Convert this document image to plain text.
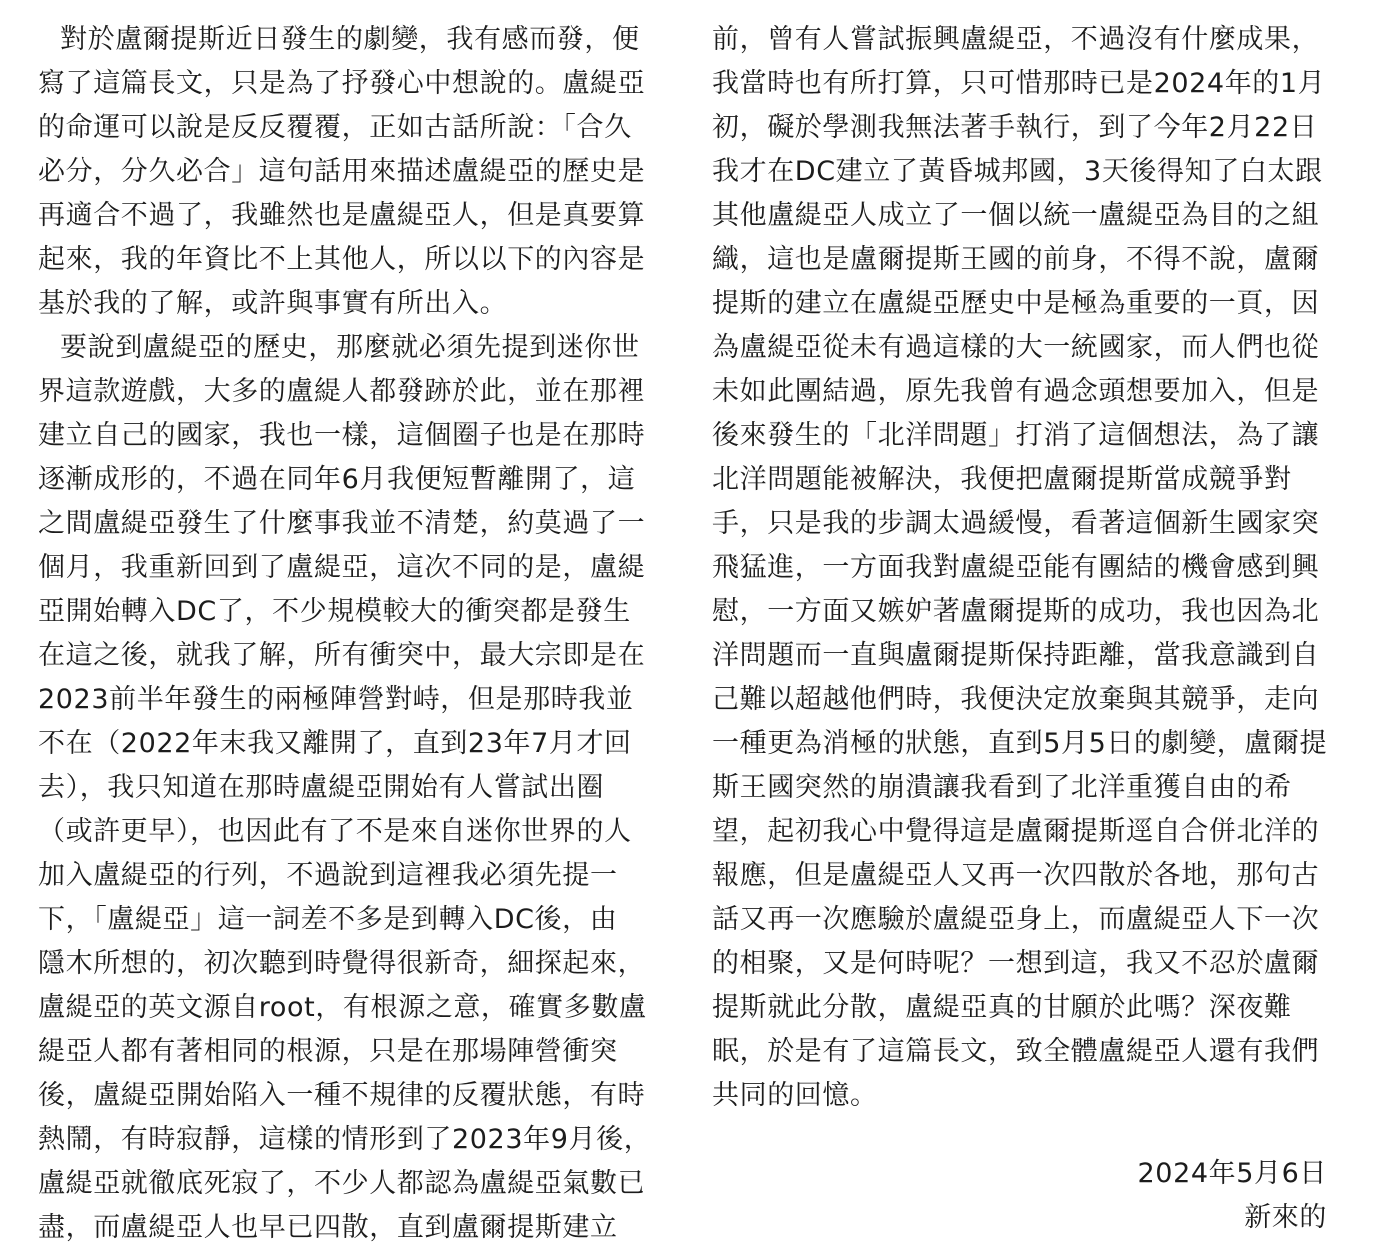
對於盧爾提斯近日發生的劇變，我有感而發，便
寫了這篇長文，只是為了抒發心中想說的。盧緹亞
的命運可以說是反反覆覆，正如古話所說：「合久
必分，分久必合」這句話用來描述盧緹亞的歷史是
再適合不過了，我雖然也是盧緹亞人，但是真要算
起來，我的年資比不上其他人，所以以下的內容是
基於我的了解，或許與事實有所出入。
要說到盧緹亞的歷史，那麼就必須先提到迷你世
界這款遊戲，大多的盧緹人都發跡於此，並在那裡
建立自己的國家，我也一樣，這個圈子也是在那時
逐漸成形的，不過在同年6月我便短暫離開了，這
之間盧緹亞發生了什麼事我並不清楚，約莫過了一
個月，我重新回到了盧緹亞，這次不同的是，盧緹
亞開始轉入DC了，不少規模較大的衝突都是發生
在這之後，就我了解，所有衝突中，最大宗即是在
2023前半年發生的兩極陣營對峙，但是那時我並
不在（2022年末我又離開了，直到23年7月才回
去），我只知道在那時盧緹亞開始有人嘗試出圈
（或許更早），也因此有了不是來自迷你世界的人
加入盧緹亞的行列，不過說到這裡我必須先提一
下，「盧緹亞」這一詞差不多是到轉入DC後，由
隱木所想的，初次聽到時覺得很新奇，細探起來，
盧緹亞的英文源自root，有根源之意，確實多數盧
緹亞人都有著相同的根源，只是在那場陣營衝突
後，盧緹亞開始陷入一種不規律的反覆狀態，有時
熱鬧，有時寂靜，這樣的情形到了2023年9月後，
盧緹亞就徹底死寂了，不少人都認為盧緹亞氣數已
盡，而盧緹亞人也早已四散，直到盧爾提斯建立
前，曾有人嘗試振興盧緹亞，不過沒有什麼成果，
我當時也有所打算，只可惜那時已是2024年的1月
初，礙於學測我無法著手執行，到了今年2月22日
我才在DC建立了黃昏城邦國，3天後得知了白太跟
其他盧緹亞人成立了一個以統一盧緹亞為目的之組
織，這也是盧爾提斯王國的前身，不得不說，盧爾
提斯的建立在盧緹亞歷史中是極為重要的一頁，因
為盧緹亞從未有過這樣的大一統國家，而人們也從
未如此團結過，原先我曾有過念頭想要加入，但是
後來發生的「北洋問題」打消了這個想法，為了讓
北洋問題能被解決，我便把盧爾提斯當成競爭對
手，只是我的步調太過緩慢，看著這個新生國家突
飛猛進，一方面我對盧緹亞能有團結的機會感到興
慰，一方面又嫉妒著盧爾提斯的成功，我也因為北
洋問題而一直與盧爾提斯保持距離，當我意識到自
己難以超越他們時，我便決定放棄與其競爭，走向
一種更為消極的狀態，直到5月5日的劇變，盧爾提
斯王國突然的崩潰讓我看到了北洋重獲自由的希
望，起初我心中覺得這是盧爾提斯逕自合併北洋的
報應，但是盧緹亞人又再一次四散於各地，那句古
話又再一次應驗於盧緹亞身上，而盧緹亞人下一次
的相聚，又是何時呢？一想到這，我又不忍於盧爾
提斯就此分散，盧緹亞真的甘願於此嗎？深夜難
眠，於是有了這篇長文，致全體盧緹亞人還有我們
共同的回憶。
2024年5月6日
新來的
